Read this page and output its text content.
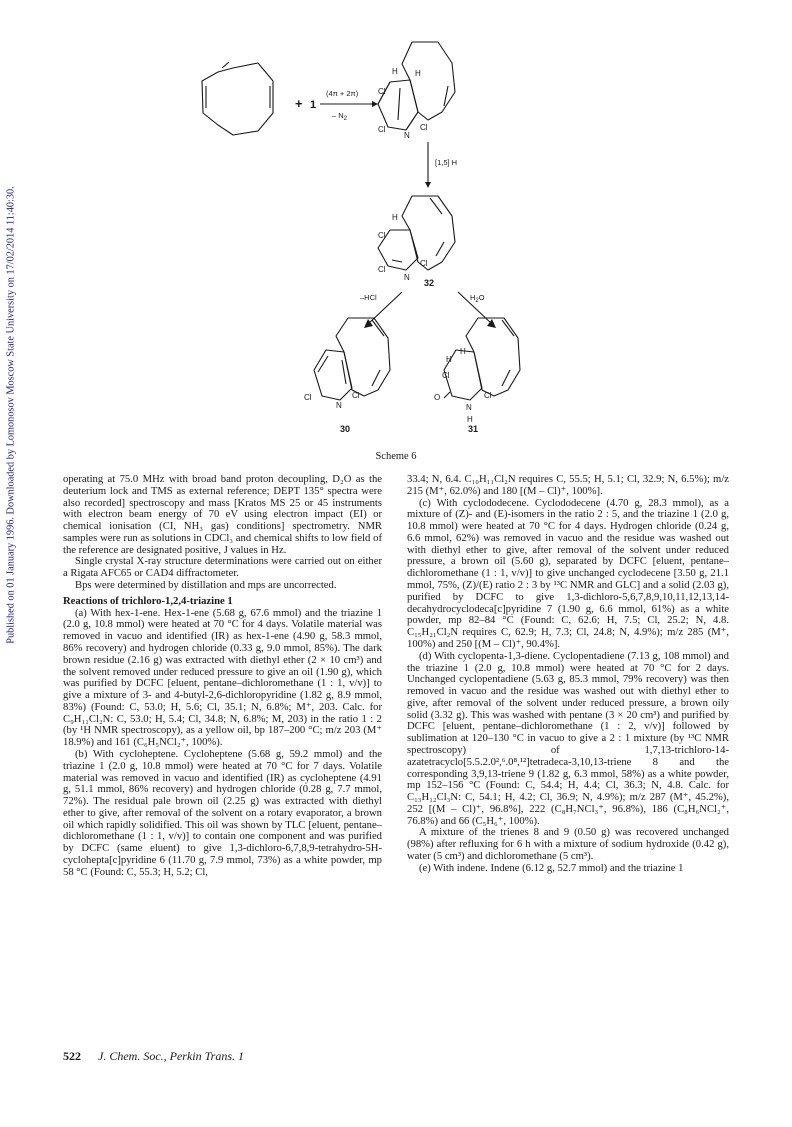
Published on 01 January 1996. Downloaded by Lomonosov Moscow State University on 17/02/2014 11:40:30.
+ 1
(4π + 2π)
– $N_2$
[1,5] H
–HCl	$H_2O$
H H
Cl
Cl
N
Cl
H
Cl
Cl
N
Cl
Cl
N
Cl
H
H
Cl
O
N
H
Cl
32
30	31
Scheme 6

operating at 75.0 MHz with broad band proton decoupling, D₂O as the deuterium lock and TMS as external reference; DEPT 135° spectra were also recorded] spectroscopy and mass [Kratos MS 25 or 45 instruments with electron beam energy of 70 eV using electron impact (EI) or chemical ionisation (CI, NH₃ gas) conditions] spectrometry. NMR samples were run as solutions in CDCl₃ and chemical shifts to low field of the reference are designated positive, J values in Hz.

Single crystal X-ray structure determinations were carried out on either a Rigata AFC65 or CAD4 diffractometer.

Bps were determined by distillation and mps are uncorrected.

Reactions of trichloro-1,2,4-triazine 1

(a) With hex-1-ene. Hex-1-ene (5.68 g, 67.6 mmol) and the triazine 1 (2.0 g, 10.8 mmol) were heated at 70 °C for 4 days. Volatile material was removed in vacuo and identified (IR) as hex-1-ene (4.90 g, 58.3 mmol, 86% recovery) and hydrogen chloride (0.33 g, 9.0 mmol, 85%). The dark brown residue (2.16 g) was extracted with diethyl ether (2 × 10 cm³) and the solvent removed under reduced pressure to give an oil (1.90 g), which was purified by DCFC [eluent, pentane–dichloromethane (1 : 1, v/v)] to give a mixture of 3- and 4-butyl-2,6-dichloropyridine (1.82 g, 8.9 mmol, 83%) (Found: C, 53.0; H, 5.6; Cl, 35.1; N, 6.8%; M⁺, 203. Calc. for C₉H₁₁Cl₂N: C, 53.0; H, 5.4; Cl, 34.8; N, 6.8%; M, 203) in the ratio 1 : 2 (by ¹H NMR spectroscopy), as a yellow oil, bp 187–200 °C; m/z 203 (M⁺ 18.9%) and 161 (C₆H₅NCl₂⁺, 100%).

(b) With cycloheptene. Cycloheptene (5.68 g, 59.2 mmol) and the triazine 1 (2.0 g, 10.8 mmol) were heated at 70 °C for 7 days. Volatile material was removed in vacuo and identified (IR) as cycloheptene (4.91 g, 51.1 mmol, 86% recovery) and hydrogen chloride (0.28 g, 7.7 mmol, 72%). The residual pale brown oil (2.25 g) was extracted with diethyl ether to give, after removal of the solvent on a rotary evaporator, a brown oil which rapidly solidified. This oil was shown by TLC [eluent, pentane–dichloromethane (1 : 1, v/v)] to contain one component and was purified by DCFC (same eluent) to give 1,3-dichloro-6,7,8,9-tetrahydro-5H-cyclohepta[c]pyridine 6 (11.70 g, 7.9 mmol, 73%) as a white powder, mp 58 °C (Found: C, 55.3; H, 5.2; Cl,

33.4; N, 6.4. C₁₀H₁₁Cl₂N requires C, 55.5; H, 5.1; Cl, 32.9; N, 6.5%); m/z 215 (M⁺, 62.0%) and 180 [(M – Cl)⁺, 100%].

(c) With cyclododecene. Cyclododecene (4.70 g, 28.3 mmol), as a mixture of (Z)- and (E)-isomers in the ratio 2 : 5, and the triazine 1 (2.0 g, 10.8 mmol) were heated at 70 °C for 4 days. Hydrogen chloride (0.24 g, 6.6 mmol, 62%) was removed in vacuo and the residue was washed out with diethyl ether to give, after removal of the solvent under reduced pressure, a brown oil (5.60 g), separated by DCFC [eluent, pentane–dichloromethane (1 : 1, v/v)] to give unchanged cyclodecene [3.50 g, 21.1 mmol, 75%, (Z)/(E) ratio 2 : 3 by ¹³C NMR and GLC] and a solid (2.03 g), purified by DCFC to give 1,3-dichloro-5,6,7,8,9,10,11,12,13,14-decahydrocyclodeca[c]pyridine 7 (1.90 g, 6.6 mmol, 61%) as a white powder, mp 82–84 °C (Found: C, 62.6; H, 7.5; Cl, 25.2; N, 4.8. C₁₅H₂₁Cl₂N requires C, 62.9; H, 7.3; Cl, 24.8; N, 4.9%); m/z 285 (M⁺, 100%) and 250 [(M – Cl)⁺, 90.4%].

(d) With cyclopenta-1,3-diene. Cyclopentadiene (7.13 g, 108 mmol) and the triazine 1 (2.0 g, 10.8 mmol) were heated at 70 °C for 2 days. Unchanged cyclopentadiene (5.63 g, 85.3 mmol, 79% recovery) was then removed in vacuo and the residue was washed out with diethyl ether to give, after removal of the solvent under reduced pressure, a brown oily solid (3.32 g). This was washed with pentane (3 × 20 cm³) and purified by DCFC [eluent, pentane–dichloromethane (1 : 2, v/v)] followed by sublimation at 120–130 °C in vacuo to give a 2 : 1 mixture (by ¹³C NMR spectroscopy) of 1,7,13-trichloro-14-azatetracyclo[5.5.2.0²,⁶.0⁸,¹²]tetradeca-3,10,13-triene 8 and the corresponding 3,9,13-triene 9 (1.82 g, 6.3 mmol, 58%) as a white powder, mp 152–156 °C (Found: C, 54.4; H, 4.4; Cl, 36.3; N, 4.8. Calc. for C₁₃H₁₂Cl₃N: C, 54.1; H, 4.2; Cl, 36.9; N, 4.9%); m/z 287 (M⁺, 45.2%), 252 [(M – Cl)⁺, 96.8%], 222 (C₈H₇NCl₃⁺, 96.8%), 186 (C₈H₆NCl₂⁺, 76.8%) and 66 (C₅H₆⁺, 100%).

A mixture of the trienes 8 and 9 (0.50 g) was recovered unchanged (98%) after refluxing for 6 h with a mixture of sodium hydroxide (0.42 g), water (5 cm³) and dichloromethane (5 cm³).

(e) With indene. Indene (6.12 g, 52.7 mmol) and the triazine 1

522 J. Chem. Soc., Perkin Trans. 1
